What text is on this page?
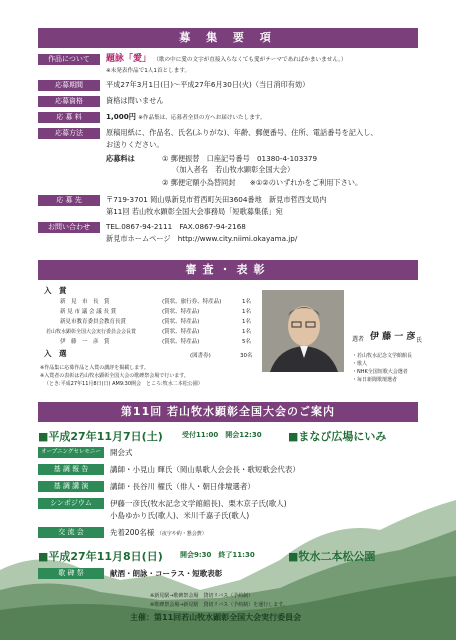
募 集 要 項
作品について	題詠「愛」 （歌の中に愛の文字が直接入らなくても愛がテーマであればかまいません。）
※未発表作品で1人1首とします。
応募期間	平成27年3月1日(日)〜平成27年6月30日(火)（当日消印有効）
応募資格	資格は問いません
応 募 料	1,000円 ※作品集は、応募者全員の方へお届けいたします。
応募方法	原稿用紙に、作品名、氏名(ふりがな)、年齢、郵便番号、住所、電話番号を記入し、
お送りください。
応募料は	① 郵便振替　口座記号番号　01380-4-103379
（加入者名　若山牧水顕彰全国大会）
② 郵便定額小為替同封　　※①②のいずれかをご利用下さい。
応 募 先	〒719-3701 岡山県新見市哲西町矢田3604番地　新見市哲西支局内
第11回 若山牧水顕彰全国大会事務局「短歌募集係」宛
お問い合わせ	TEL.0867-94-2111　FAX.0867-94-2168
新見市ホームページ　http://www.city.niimi.okayama.jp/
審査・表彰
入　賞
新　見　市　長　賞	(賞状、旅行券、特産品)	1名
新 見 市 議 会 議 長 賞	(賞状、特産品)	1名
新見市教育委員会教育長賞	(賞状、特産品)	1名
若山牧水顕彰全国大会実行委員会会長賞	(賞状、特産品)	1名
伊　藤　一　彦　賞	(賞状、特産品)	5名
入　選	(図書券)	30名
※作品集に応募作品と入賞の講評を掲載します。
※入賞者の表彰は若山牧水顕彰全国大会の歌碑祭会場で行います。
（とき:平成27年11月8日(日) AM9:30開会　ところ:牧水二本松公園）
選者 伊 藤 一 彦 氏
・若山牧水記念文学館館長
・歌人
・NHK全国短歌大会選者
・毎日新聞歌壇選者
第11回 若山牧水顕彰全国大会のご案内
■平成27年11月7日(土)	受付11:00　開会12:30 ■まなび広場にいみ
オープニングセレモニー	開会式
基 調 報 告	講師・小見山 輝氏（岡山県歌人会会長・歌短歌会代表）
基 調 講 演	講師・長谷川 櫂氏（俳人・朝日俳壇選者）
シンポジウム	伊藤一彦氏(牧水記念文学館館長)、栗木京子氏(歌人)
小島ゆかり氏(歌人)、米川千嘉子氏(歌人)
交 流 会	先着200名様 （夜宇や約・懇会費）
■平成27年11月8日(日) 開会9:30　終了11:30	■牧水二本松公園
歌 碑 祭	献酒・朗詠・コーラス・短歌表彰
※新見駅→歌碑祭会場　貸切リバス（予約制）
※歌碑祭会場→新見駅　貸切リバス（予約制）を運行します。
主催：第11回若山牧水顕彰全国大会実行委員会
